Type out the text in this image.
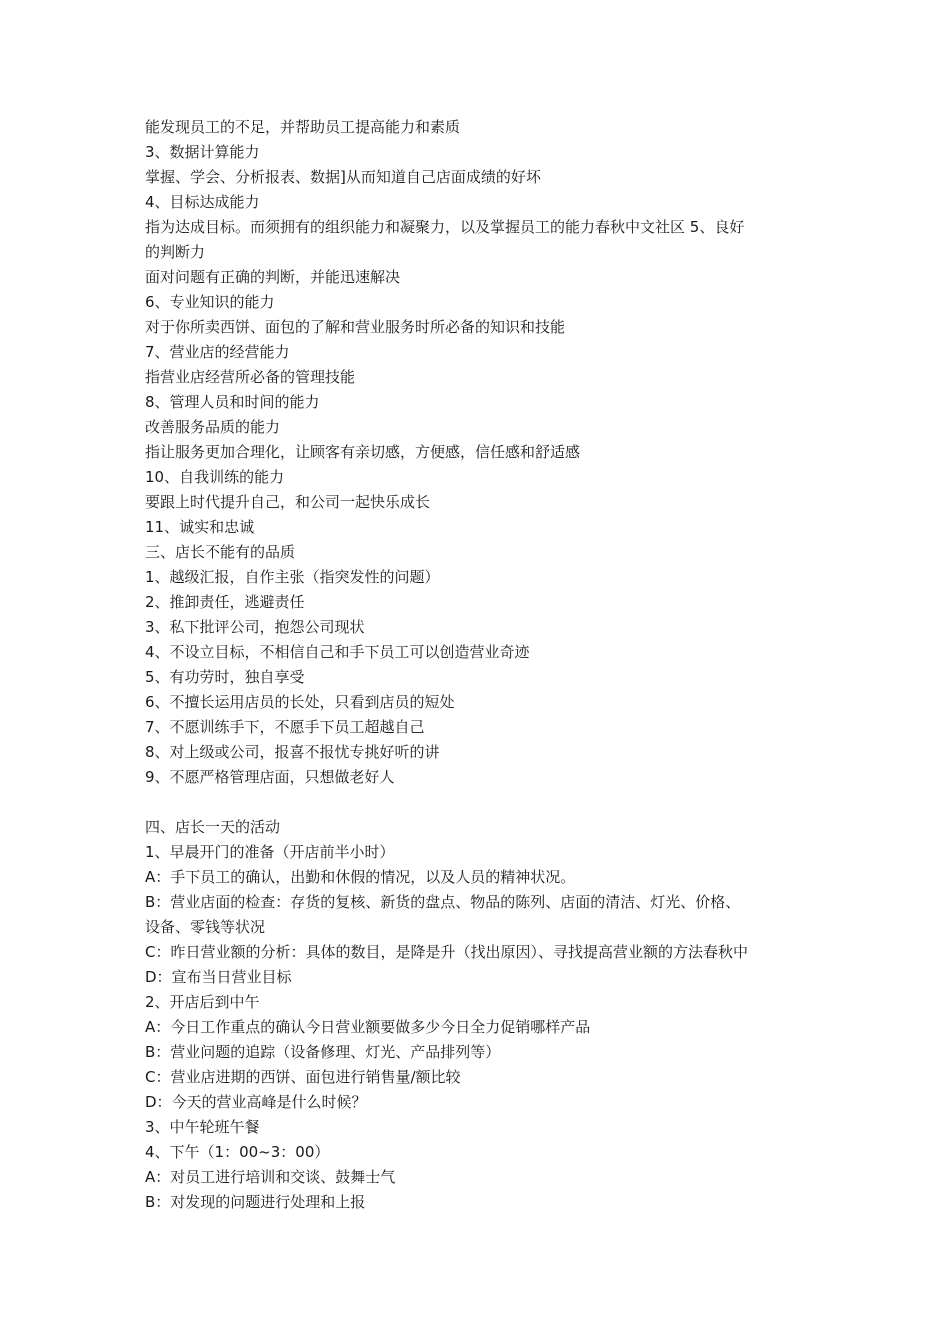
能发现员工的不足，并帮助员工提高能力和素质
3、数据计算能力
掌握、学会、分析报表、数据]从而知道自己店面成绩的好坏
4、目标达成能力
指为达成目标。而须拥有的组织能力和凝聚力，以及掌握员工的能力春秋中文社区 5、良好
的判断力
面对问题有正确的判断，并能迅速解决
6、专业知识的能力
对于你所卖西饼、面包的了解和营业服务时所必备的知识和技能
7、营业店的经营能力
指营业店经营所必备的管理技能
8、管理人员和时间的能力
改善服务品质的能力
指让服务更加合理化，让顾客有亲切感，方便感，信任感和舒适感
10、自我训练的能力
要跟上时代提升自己，和公司一起快乐成长
11、诚实和忠诚
三、店长不能有的品质
1、越级汇报，自作主张（指突发性的问题）
2、推卸责任，逃避责任
3、私下批评公司，抱怨公司现状
4、不设立目标，不相信自己和手下员工可以创造营业奇迹
5、有功劳时，独自享受
6、不擅长运用店员的长处，只看到店员的短处
7、不愿训练手下，不愿手下员工超越自己
8、对上级或公司，报喜不报忧专挑好听的讲
9、不愿严格管理店面，只想做老好人
四、店长一天的活动
1、早晨开门的准备（开店前半小时）
A：手下员工的确认，出勤和休假的情况，以及人员的精神状况。
B：营业店面的检查：存货的复核、新货的盘点、物品的陈列、店面的清洁、灯光、价格、
设备、零钱等状况
C：昨日营业额的分析：具体的数目，是降是升（找出原因）、寻找提高营业额的方法春秋中
D：宣布当日营业目标
2、开店后到中午
A：今日工作重点的确认今日营业额要做多少今日全力促销哪样产品
B：营业问题的追踪（设备修理、灯光、产品排列等）
C：营业店进期的西饼、面包进行销售量/额比较
D：今天的营业高峰是什么时候？
3、中午轮班午餐
4、下午（1：00~3：00）
A：对员工进行培训和交谈、鼓舞士气
B：对发现的问题进行处理和上报
